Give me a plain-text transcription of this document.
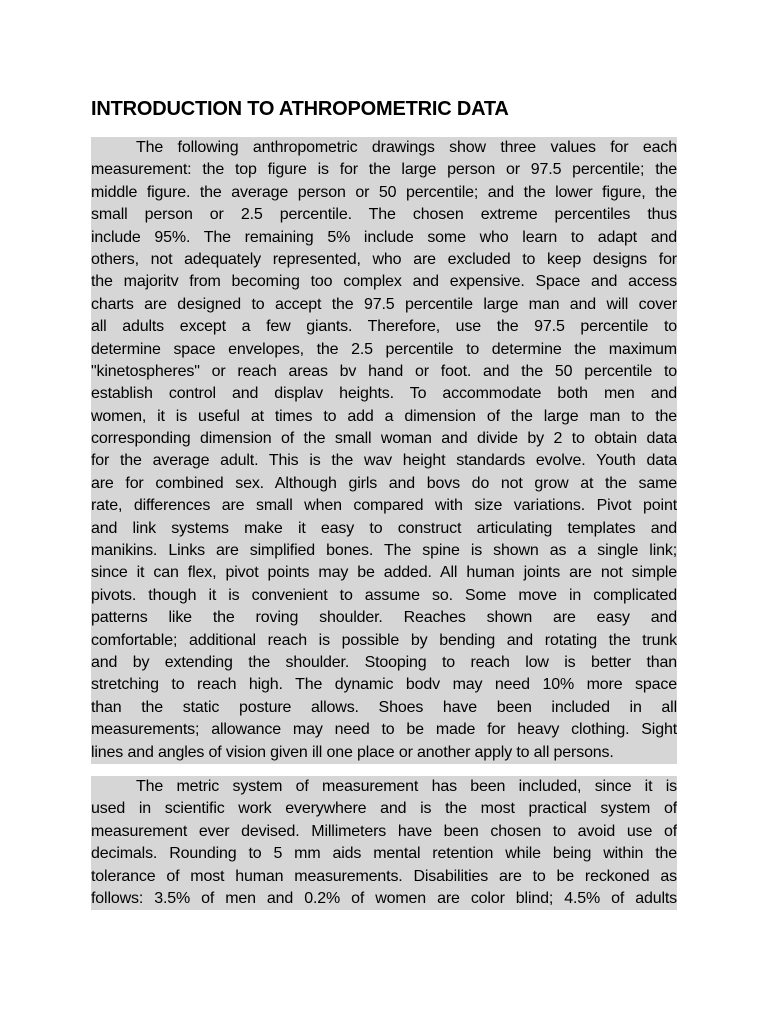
INTRODUCTION TO ATHROPOMETRIC DATA
The following anthropometric drawings show three values for each
measurement: the top figure is for the large person or 97.5 percentile; the
middle figure. the average person or 50 percentile; and the lower figure, the
small person or 2.5 percentile. The chosen extreme percentiles thus
include 95%. The remaining 5% include some who learn to adapt and
others, not adequately represented, who are excluded to keep designs for
the majoritv from becoming too complex and expensive. Space and access
charts are designed to accept the 97.5 percentile large man and will cover
all adults except a few giants. Therefore, use the 97.5 percentile to
determine space envelopes, the 2.5 percentile to determine the maximum
"kinetospheres" or reach areas bv hand or foot. and the 50 percentile to
establish control and displav heights. To accommodate both men and
women, it is useful at times to add a dimension of the large man to the
corresponding dimension of the small woman and divide by 2 to obtain data
for the average adult. This is the wav height standards evolve. Youth data
are for combined sex. Although girls and bovs do not grow at the same
rate, differences are small when compared with size variations. Pivot point
and link systems make it easy to construct articulating templates and
manikins. Links are simplified bones. The spine is shown as a single link;
since it can flex, pivot points may be added. All human joints are not simple
pivots. though it is convenient to assume so. Some move in complicated
patterns like the roving shoulder. Reaches shown are easy and
comfortable; additional reach is possible by bending and rotating the trunk
and by extending the shoulder. Stooping to reach low is better than
stretching to reach high. The dynamic bodv may need 10% more space
than the static posture allows. Shoes have been included in all
measurements; allowance may need to be made for heavy clothing. Sight
lines and angles of vision given ill one place or another apply to all persons.
The metric system of measurement has been included, since it is
used in scientific work everywhere and is the most practical system of
measurement ever devised. Millimeters have been chosen to avoid use of
decimals. Rounding to 5 mm aids mental retention while being within the
tolerance of most human measurements. Disabilities are to be reckoned as
follows: 3.5% of men and 0.2% of women are color blind; 4.5% of adults
